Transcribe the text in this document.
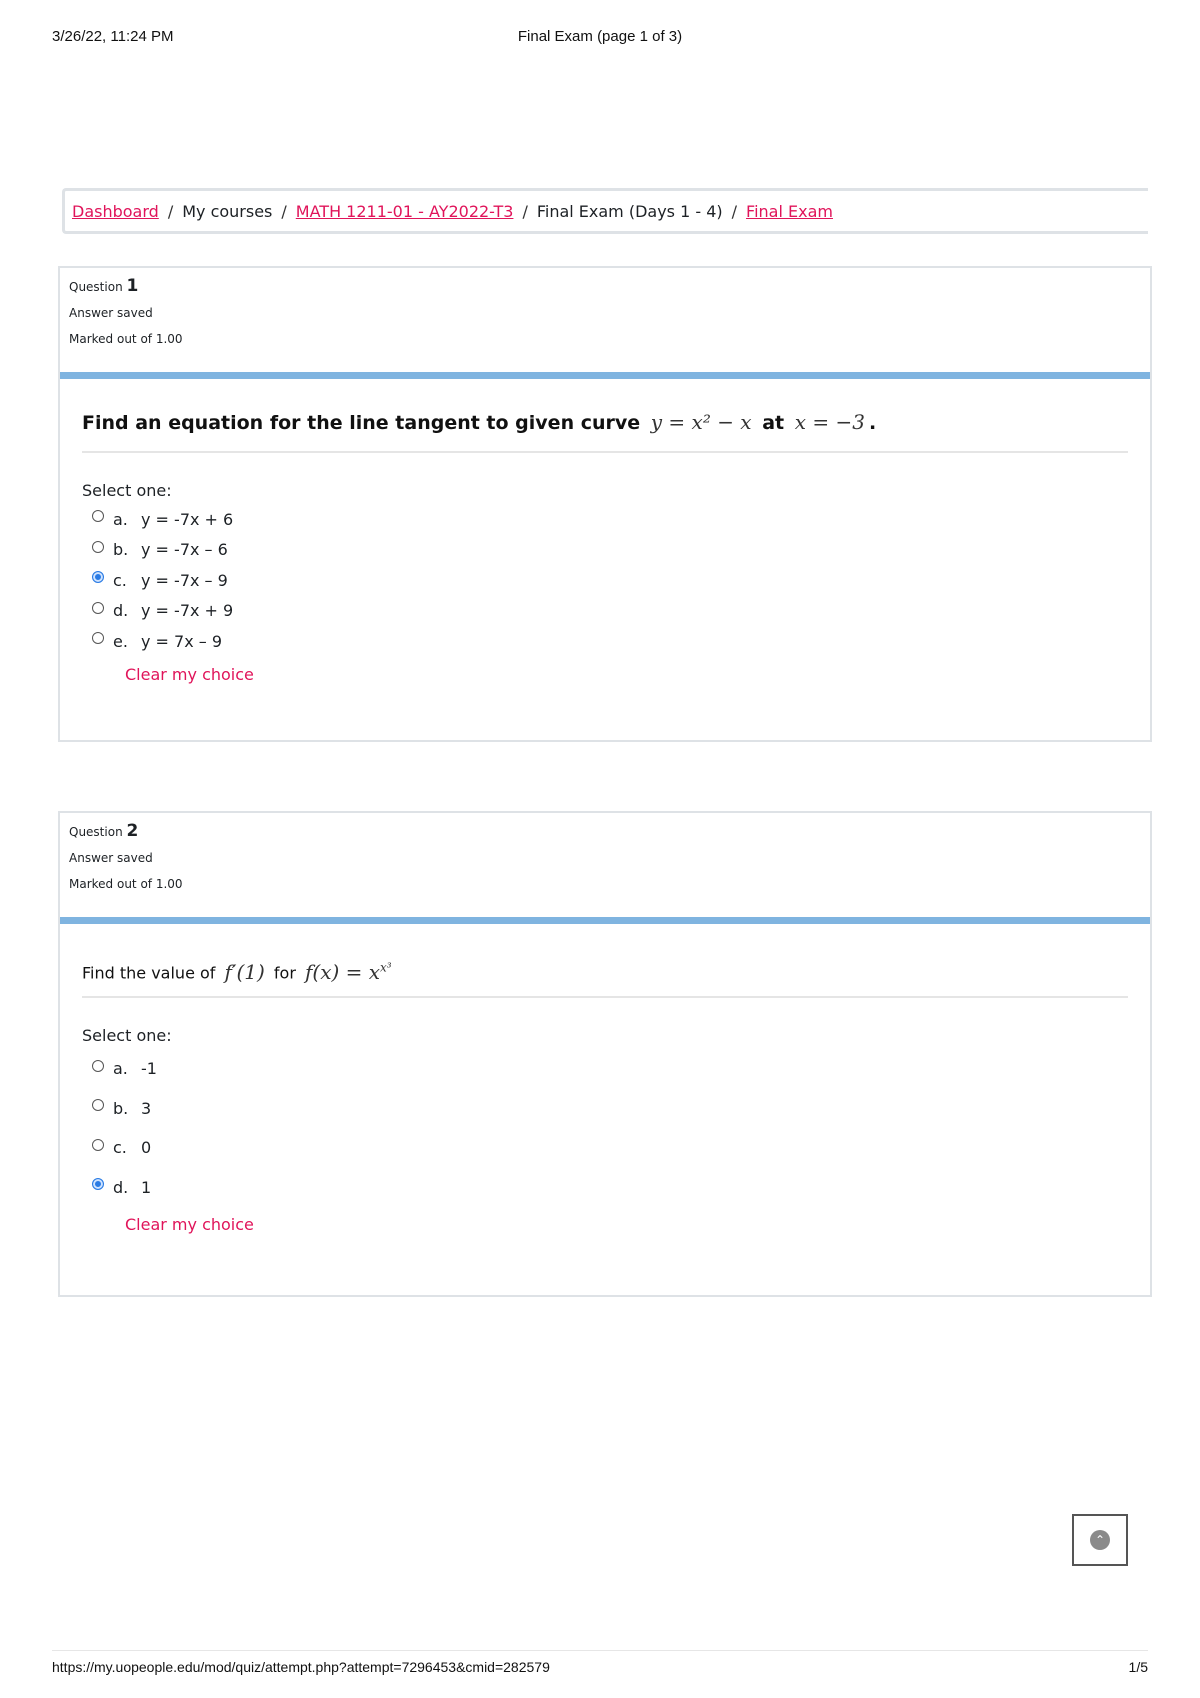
3/26/22, 11:24 PM	Final Exam (page 1 of 3)
Dashboard / My courses / MATH 1211-01 - AY2022-T3 / Final Exam (Days 1 - 4) / Final Exam
Question 1
Answer saved
Marked out of 1.00
Find an equation for the line tangent to given curve y = x² − x at x = −3 .
Select one:
a. y = -7x + 6
b. y = -7x – 6
c. y = -7x – 9
d. y = -7x + 9
e. y = 7x – 9
Clear my choice
Question 2
Answer saved
Marked out of 1.00
Find the value of f′(1) for $f(x) = x^{x^3}$
Select one:
a. -1
b. 3
c. 0
d. 1
Clear my choice
⌃
https://my.uopeople.edu/mod/quiz/attempt.php?attempt=7296453&cmid=282579	1/5
